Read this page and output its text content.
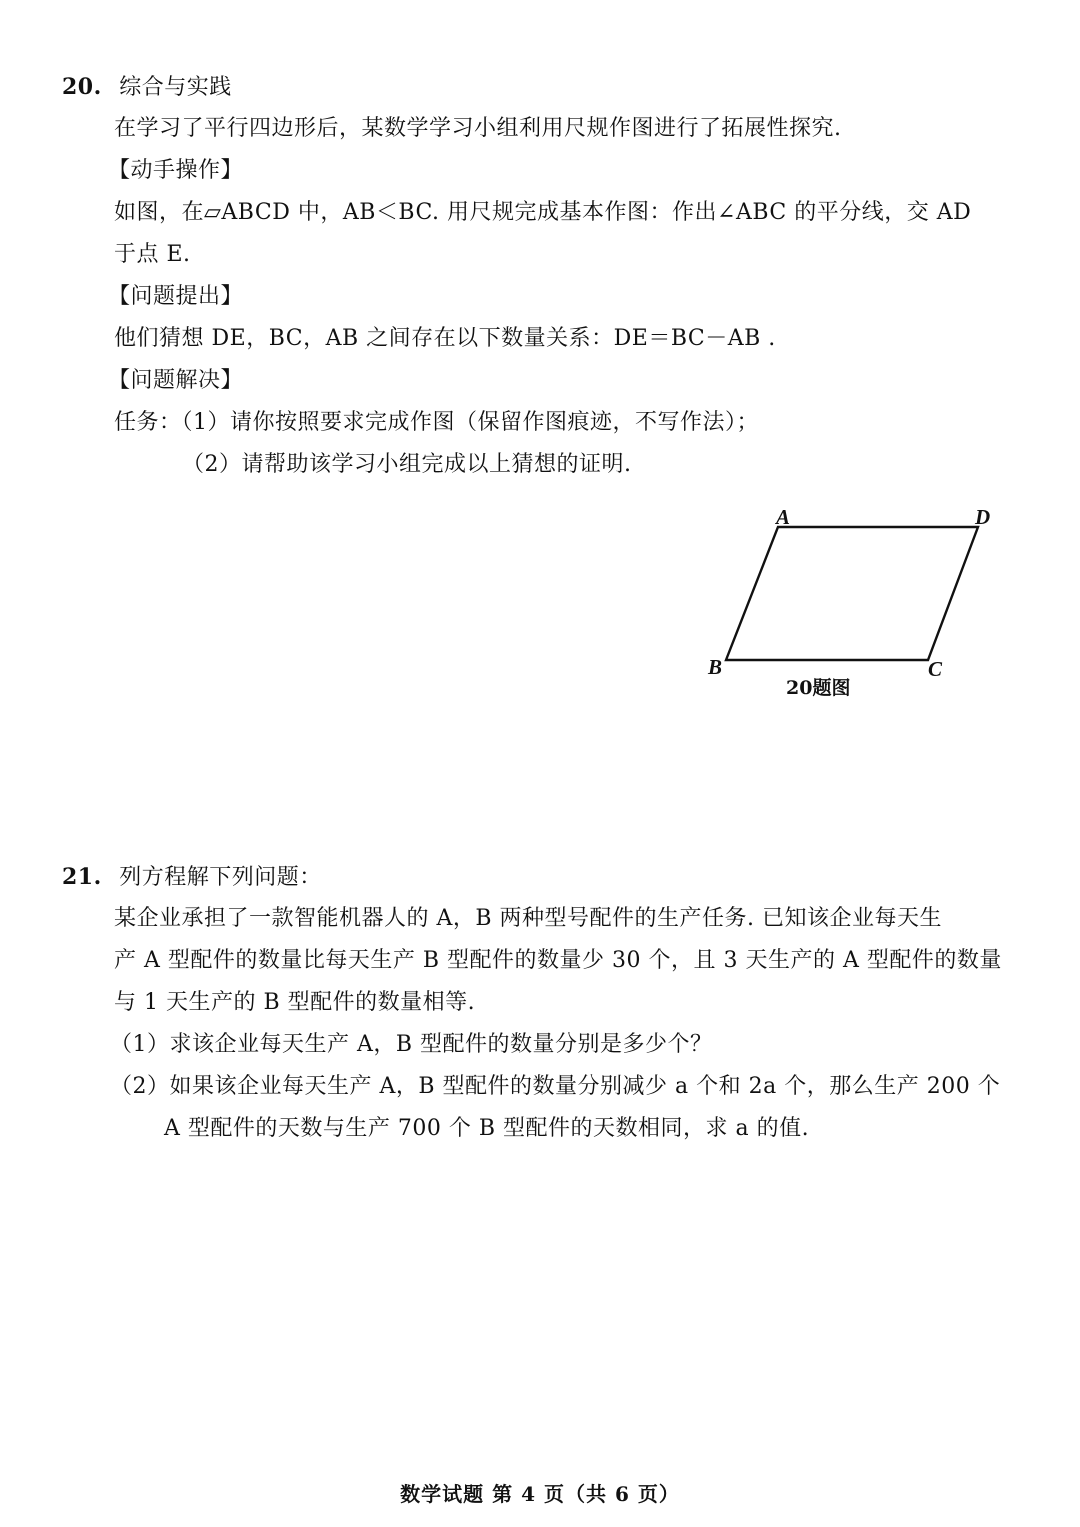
20. 综合与实践
在学习了平行四边形后，某数学学习小组利用尺规作图进行了拓展性探究.
【动手操作】
如图，在▱ABCD 中，AB＜BC. 用尺规完成基本作图：作出∠ABC 的平分线，交 AD
于点 E.
【问题提出】
他们猜想 DE，BC，AB 之间存在以下数量关系：DE＝BC－AB .
【问题解决】
任务：（1）请你按照要求完成作图（保留作图痕迹，不写作法）；
（2）请帮助该学习小组完成以上猜想的证明.
A	D
B	C
20题图
21. 列方程解下列问题：
某企业承担了一款智能机器人的 A，B 两种型号配件的生产任务. 已知该企业每天生
产 A 型配件的数量比每天生产 B 型配件的数量少 30 个，且 3 天生产的 A 型配件的数量
与 1 天生产的 B 型配件的数量相等.
（1）求该企业每天生产 A，B 型配件的数量分别是多少个？
（2）如果该企业每天生产 A，B 型配件的数量分别减少 a 个和 2a 个，那么生产 200 个
A 型配件的天数与生产 700 个 B 型配件的天数相同，求 a 的值.
数学试题 第 4 页（共 6 页）
